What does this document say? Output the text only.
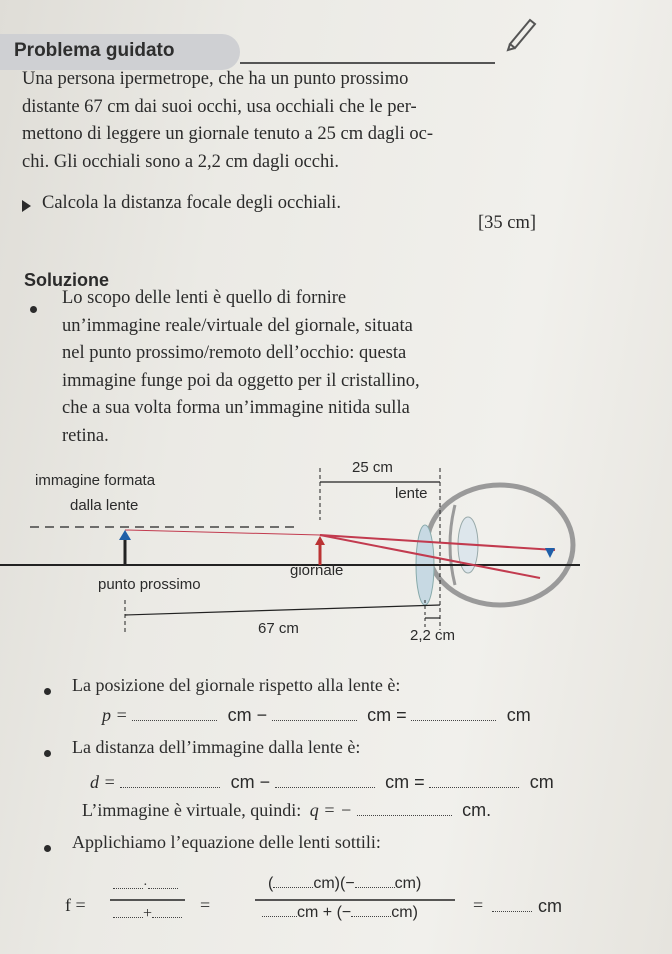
Problema guidato
Una persona ipermetrope, che ha un punto prossimo
distante 67 cm dai suoi occhi, usa occhiali che le per-
mettono di leggere un giornale tenuto a 25 cm dagli oc-
chi. Gli occhiali sono a 2,2 cm dagli occhi.
Calcola la distanza focale degli occhiali.
[35 cm]
Soluzione
Lo scopo delle lenti è quello di fornire
un’immagine reale/virtuale del giornale, situata
nel punto prossimo/remoto dell’occhio: questa
immagine funge poi da oggetto per il cristallino,
che a sua volta forma un’immagine nitida sulla
retina.
immagine formata
dalla lente
25 cm
lente
punto prossimo
giornale
67 cm	2,2 cm
La posizione del giornale rispetto alla lente è:
p =	cm −	cm =	cm
La distanza dell’immagine dalla lente è:
d =	cm −	cm =	cm
L’immagine è virtuale, quindi: q = −	cm.
Applichiamo l’equazione delle lenti sottili:
f =
·
+	=
(	cm)(−	cm)
cm + (−	cm)	=	cm
